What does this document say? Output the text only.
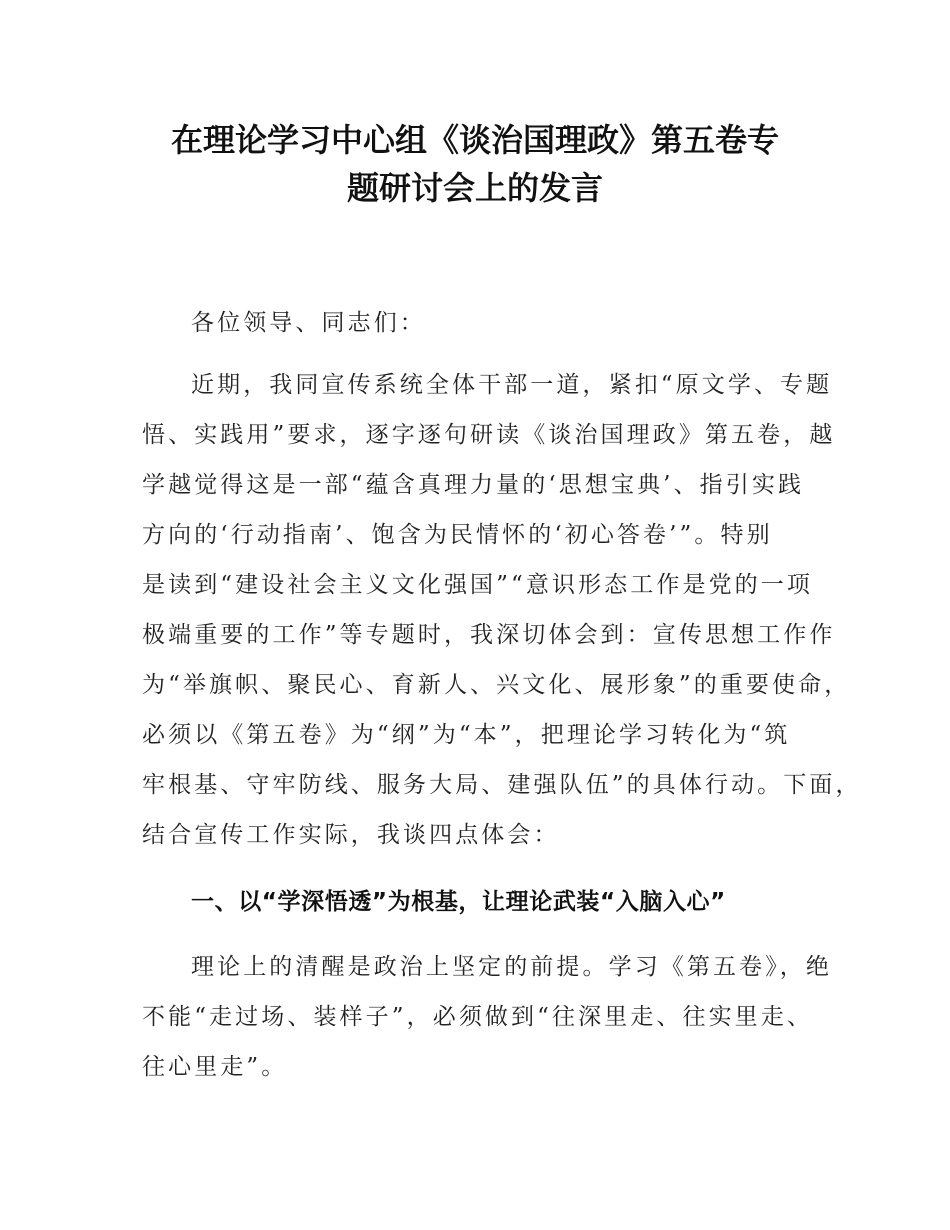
在理论学习中心组《谈治国理政》第五卷专
题研讨会上的发言
各位领导、同志们：
近期，我同宣传系统全体干部一道，紧扣“原文学、专题
悟、实践用”要求，逐字逐句研读《谈治国理政》第五卷，越
学越觉得这是一部“蕴含真理力量的‘思想宝典’、指引实践
方向的‘行动指南’、饱含为民情怀的‘初心答卷’”。特别
是读到“建设社会主义文化强国”“意识形态工作是党的一项
极端重要的工作”等专题时，我深切体会到：宣传思想工作作
为“举旗帜、聚民心、育新人、兴文化、展形象”的重要使命，
必须以《第五卷》为“纲”为“本”，把理论学习转化为“筑
牢根基、守牢防线、服务大局、建强队伍”的具体行动。下面，
结合宣传工作实际，我谈四点体会：
一、以“学深悟透”为根基，让理论武装“入脑入心”
理论上的清醒是政治上坚定的前提。学习《第五卷》，绝
不能“走过场、装样子”，必须做到“往深里走、往实里走、
往心里走”。
